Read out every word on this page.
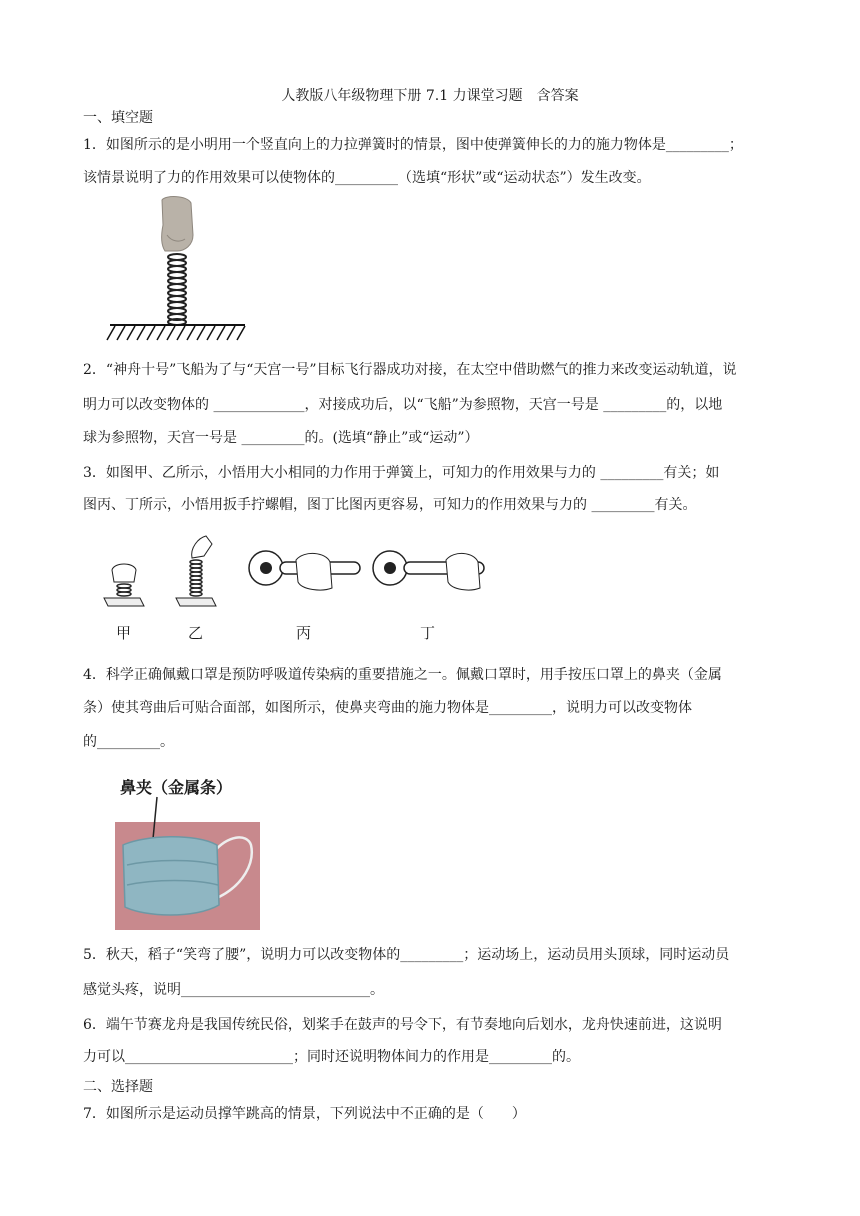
人教版八年级物理下册 7.1 力课堂习题　含答案
一、填空题
1．如图所示的是小明用一个竖直向上的力拉弹簧时的情景，图中使弹簧伸长的力的施力物体是_________；
该情景说明了力的作用效果可以使物体的_________（选填“形状”或“运动状态”）发生改变。
2．“神舟十号”飞船为了与“天宫一号”目标飞行器成功对接，在太空中借助燃气的推力来改变运动轨道，说
明力可以改变物体的 _____________，对接成功后，以“飞船”为参照物，天宫一号是 _________的，以地
球为参照物，天宫一号是 _________的。(选填“静止”或“运动”）
3．如图甲、乙所示，小悟用大小相同的力作用于弹簧上，可知力的作用效果与力的 _________有关；如
图丙、丁所示，小悟用扳手拧螺帽，图丁比图丙更容易，可知力的作用效果与力的 _________有关。
甲	乙	丙	丁
4．科学正确佩戴口罩是预防呼吸道传染病的重要措施之一。佩戴口罩时，用手按压口罩上的鼻夹（金属
条）使其弯曲后可贴合面部，如图所示，使鼻夹弯曲的施力物体是_________，说明力可以改变物体
的_________。
鼻夹（金属条）
5．秋天，稻子“笑弯了腰”，说明力可以改变物体的_________；运动场上，运动员用头顶球，同时运动员
感觉头疼，说明___________________________。
6．端午节赛龙舟是我国传统民俗，划桨手在鼓声的号令下，有节奏地向后划水，龙舟快速前进，这说明
力可以________________________；同时还说明物体间力的作用是_________的。
二、选择题
7．如图所示是运动员撑竿跳高的情景，下列说法中不正确的是（　　）
